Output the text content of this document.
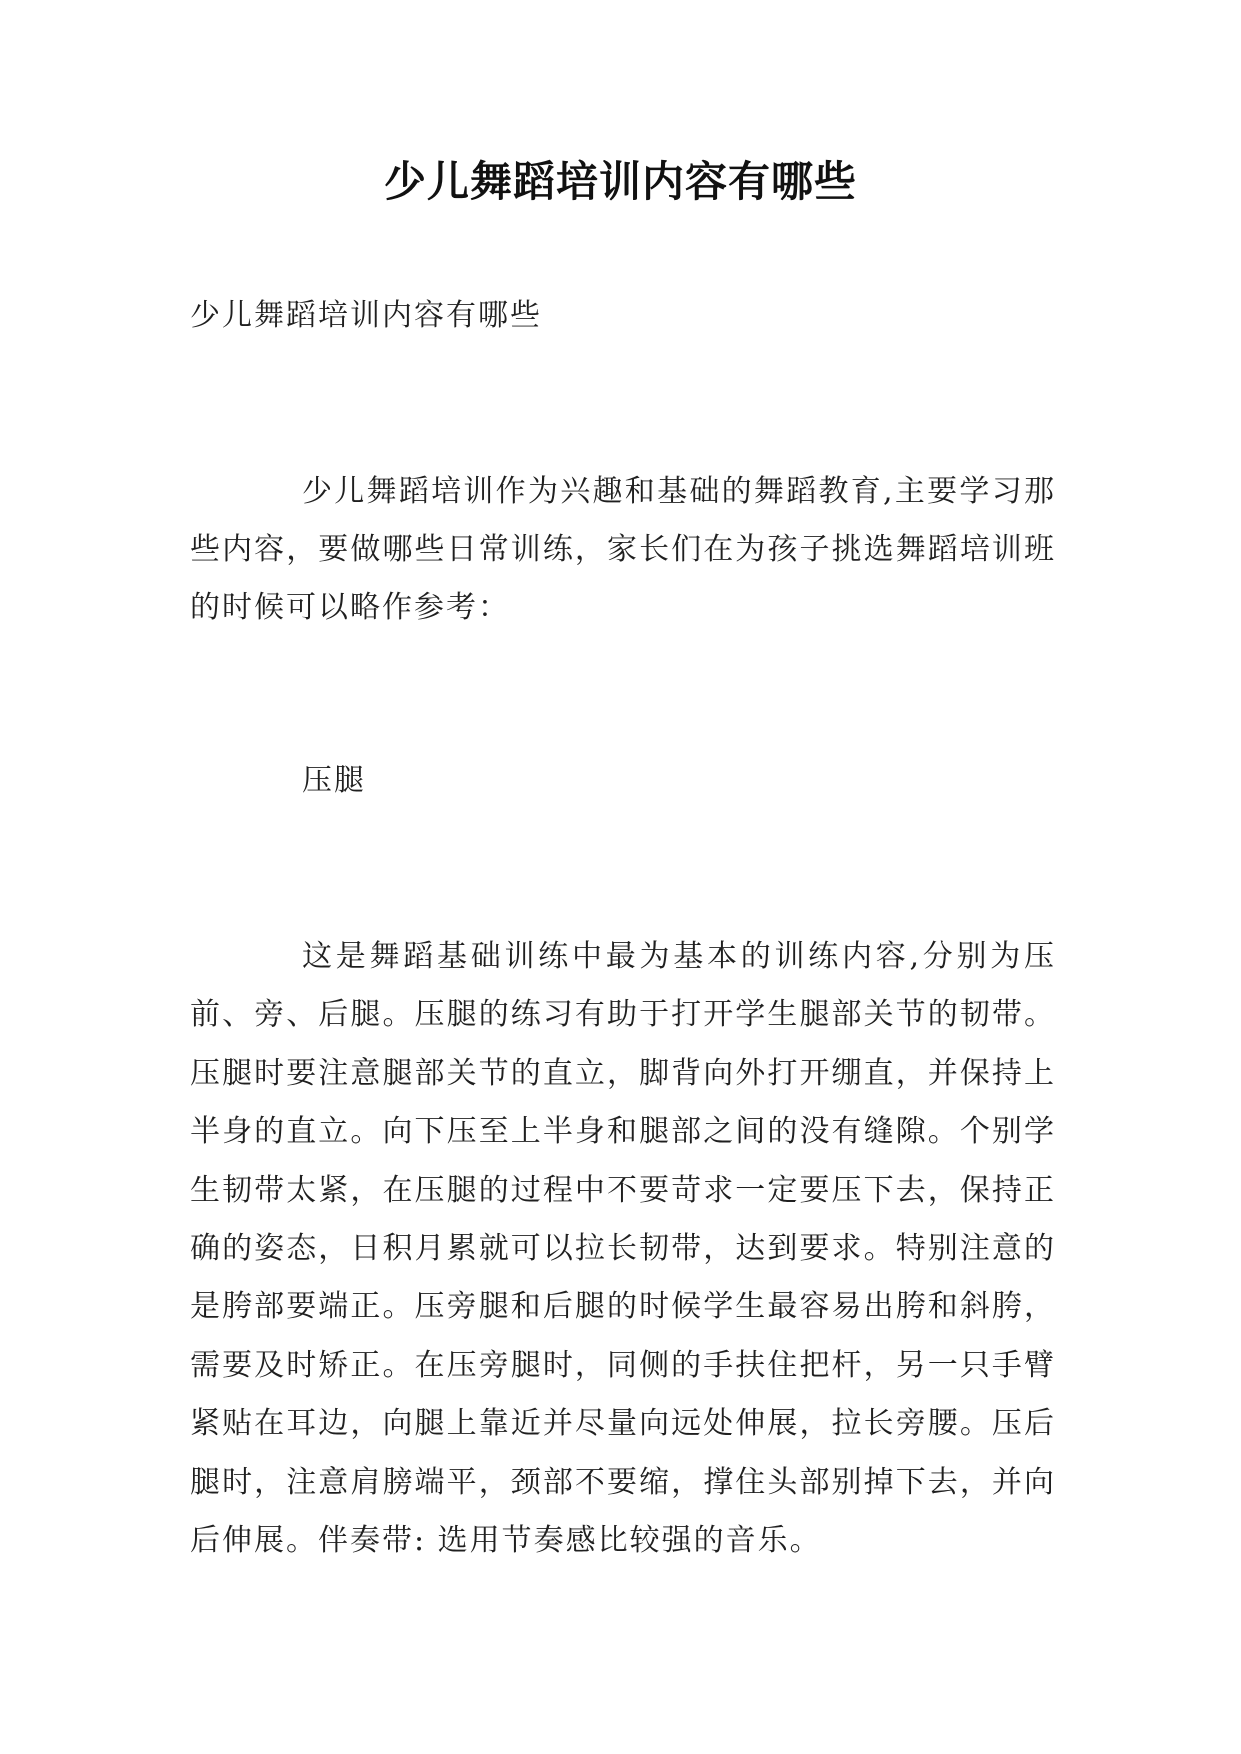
少儿舞蹈培训内容有哪些

少儿舞蹈培训内容有哪些

少儿舞蹈培训作为兴趣和基础的舞蹈教育,主要学习那些内容，要做哪些日常训练，家长们在为孩子挑选舞蹈培训班的时候可以略作参考：

压腿

这是舞蹈基础训练中最为基本的训练内容,分别为压前、旁、后腿。压腿的练习有助于打开学生腿部关节的韧带。压腿时要注意腿部关节的直立，脚背向外打开绷直，并保持上半身的直立。向下压至上半身和腿部之间的没有缝隙。个别学生韧带太紧，在压腿的过程中不要苛求一定要压下去，保持正确的姿态，日积月累就可以拉长韧带，达到要求。特别注意的是胯部要端正。压旁腿和后腿的时候学生最容易出胯和斜胯，需要及时矫正。在压旁腿时，同侧的手扶住把杆，另一只手臂紧贴在耳边，向腿上靠近并尽量向远处伸展，拉长旁腰。压后腿时，注意肩膀端平，颈部不要缩，撑住头部别掉下去，并向后伸展。伴奏带: 选用节奏感比较强的音乐。
